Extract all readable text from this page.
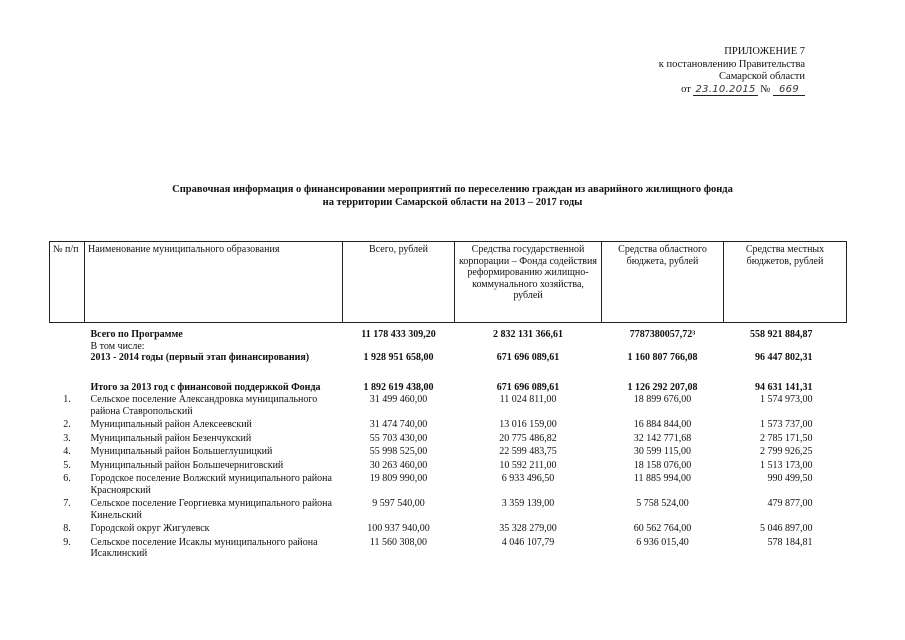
ПРИЛОЖЕНИЕ 7
к постановлению Правительства
Самарской области
от 23.10.2015 № 669
Справочная информация о финансировании мероприятий по переселению граждан из аварийного жилищного фонда
на территории Самарской области на 2013 – 2017 годы
№ п/п	Наименование муниципального образования	Всего, рублей	Средства государственной корпорации – Фонда содействия реформированию жилищно-коммунального хозяйства, рублей	Средства областного бюджета, рублей	Средства местных бюджетов, рублей
	Всего по Программе	11 178 433 309,20	2 832 131 366,61	7787380057,72³	558 921 884,87
	В том числе:				
	2013 - 2014 годы (первый этап финансирования)	1 928 951 658,00	671 696 089,61	1 160 807 766,08	96 447 802,31

	Итого за 2013 год с финансовой поддержкой Фонда	1 892 619 438,00	671 696 089,61	1 126 292 207,08	94 631 141,31
1.	Сельское поселение Александровка муниципального района Ставропольский	31 499 460,00	11 024 811,00	18 899 676,00	1 574 973,00
2.	Муниципальный район Алексеевский	31 474 740,00	13 016 159,00	16 884 844,00	1 573 737,00
3.	Муниципальный район Безенчукский	55 703 430,00	20 775 486,82	32 142 771,68	2 785 171,50
4.	Муниципальный район Большеглушицкий	55 998 525,00	22 599 483,75	30 599 115,00	2 799 926,25
5.	Муниципальный район Большечерниговский	30 263 460,00	10 592 211,00	18 158 076,00	1 513 173,00
6.	Городское поселение Волжский муниципального района Красноярский	19 809 990,00	6 933 496,50	11 885 994,00	990 499,50
7.	Сельское поселение Георгиевка муниципального района Кинельский	9 597 540,00	3 359 139,00	5 758 524,00	479 877,00
8.	Городской округ Жигулевск	100 937 940,00	35 328 279,00	60 562 764,00	5 046 897,00
9.	Сельское поселение Исаклы муниципального района Исаклинский	11 560 308,00	4 046 107,79	6 936 015,40	578 184,81
